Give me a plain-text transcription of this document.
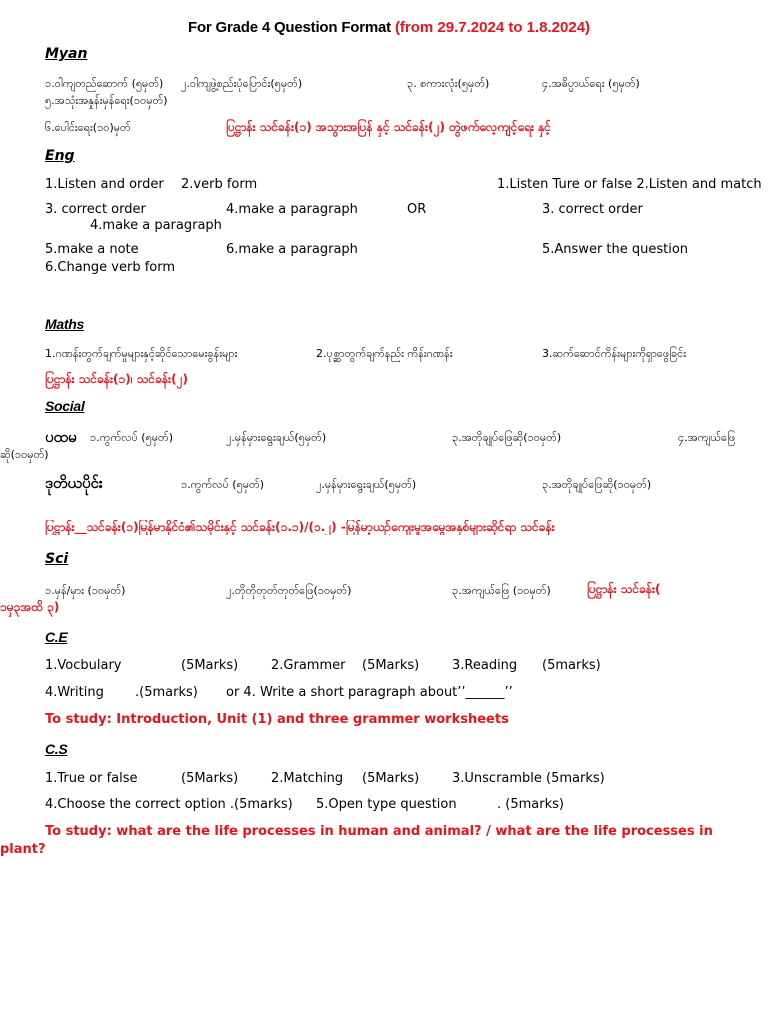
For Grade 4 Question Format (from 29.7.2024 to 1.8.2024)
Myan
၁.ဝါကျတည်ဆောက် (၅မှတ်) ၂.ဝါကျဖွဲ့စည်းပုံပြောင်း(၅မှတ်)	၃. စကားလုံး(၅မှတ်)	၄.အဓိပ္ပာယ်ရေး (၅မှတ်)
၅.အသုံးအနှုန်းမှန်ရေး(၁၀မှတ်)
၆.ပေါင်းရေး(၁၀)မှတ်	ပြဋ္ဌာန်း သင်ခန်း(၁) အသွားအပြန် နှင့် သင်ခန်း(၂) တွဲဖက်လေ့ကျင့်ရေး နှင့်
Eng
1.Listen and order 2.verb form	1.Listen Ture or false 2.Listen and match
3. correct order	4.make a paragraph	OR	3. correct order
4.make a paragraph
5.make a note	6.make a paragraph	5.Answer the question
6.Change verb form
Maths
1.ဂဏန်းတွက်ချက်မှုများနှင့်ဆိုင်သောမေးခွန်းများ	2.ပုစ္ဆာတွက်ချက်နည်း ကိန်းဂဏန်း	3.ဆက်ဆောင်ကိန်းများကိုရှာဖွေခြင်း
ပြဋ္ဌာန်း သင်ခန်း(၁)၊ သင်ခန်း(၂)
Social
ပထမ ၁.ကွက်လပ် (၅မှတ်)	၂.မှန်မှားရွေးချယ်(၅မှတ်)	၃.အတိုချုပ်ဖြေဆို(၁၀မှတ်)	၄.အကျယ်ဖြေ
ဆို(၁၀မှတ်)
ဒုတိယပိုင်း	၁.ကွက်လပ် (၅မှတ်)	၂.မှန်မှားရွေးချယ်(၅မှတ်)	၃.အတိုချုပ်ဖြေဆို(၁၀မှတ်)
ပြဋ္ဌာန်း__သင်ခန်း(၁)မြန်မာနိုင်ငံ၏သမိုင်းနှင့် သင်ခန်း(၁.၁)/(၁.၂) -မြန်မာ့ယဉ်ကျေးမှုအမွေအနှစ်များဆိုင်ရာ သင်ခန်း
Sci
၁.မှန်/မှား (၁၀မှတ်)	၂.တိုတိုတုတ်တုတ်ဖြေ(၁၀မှတ်)	၃.အကျယ်ဖြေ (၁၀မှတ်)	ပြဋ္ဌာန်း သင်ခန်း(
၁မှ၃အထိ ၃)
C.E
1.Vocbulary	(5Marks)	2.Grammer (5Marks)	3.Reading (5marks)
4.Writing .(5marks) or 4. Write a short paragraph about’’______’’
To study: Introduction, Unit (1) and three grammer worksheets
C.S
1.True or false	(5Marks)	2.Matching (5Marks)	3.Unscramble (5marks)
4.Choose the correct option .(5marks) 5.Open type question	. (5marks)
To study: what are the life processes in human and animal? / what are the life processes in
plant?
